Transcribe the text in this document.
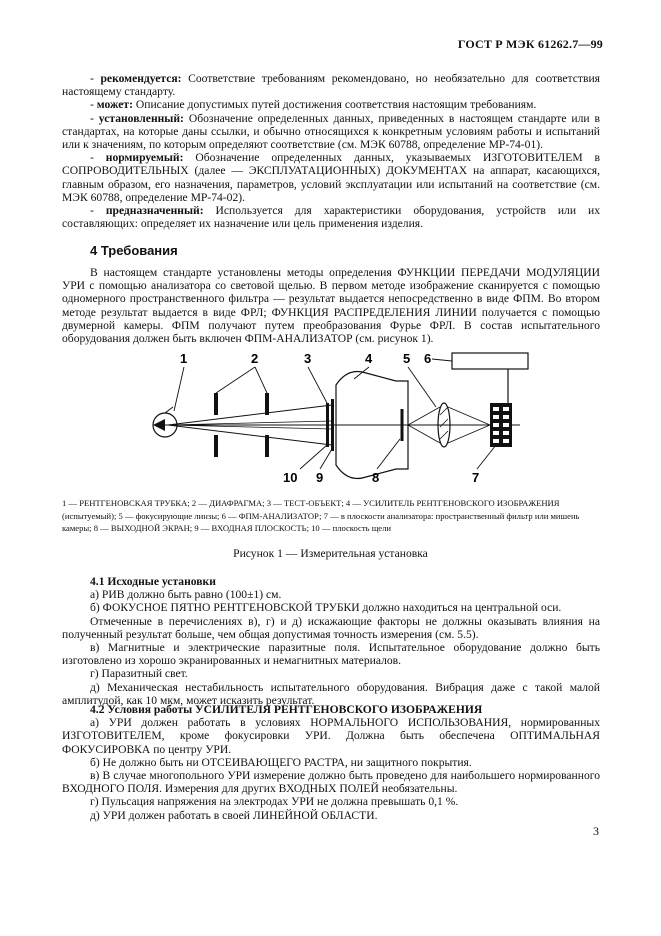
ГОСТ Р МЭК 61262.7—99

- рекомендуется: Соответствие требованиям рекомендовано, но необязательно для соответствия настоящему стандарту.

- может: Описание допустимых путей достижения соответствия настоящим требованиям.

- установленный: Обозначение определенных данных, приведенных в настоящем стандарте или в стандартах, на которые даны ссылки, и обычно относящихся к конкретным условиям работы и испытаний или к значениям, по которым определяют соответствие (см. МЭК 60788, определение МР-74-01).

- нормируемый: Обозначение определенных данных, указываемых ИЗГОТОВИТЕЛЕМ в СОПРОВОДИТЕЛЬНЫХ (далее — ЭКСПЛУАТАЦИОННЫХ) ДОКУМЕНТАХ на аппарат, касающихся, главным образом, его назначения, параметров, условий эксплуатации или испытаний на соответствие (см. МЭК 60788, определение МР-74-02).

- предназначенный: Используется для характеристики оборудования, устройств или их составляющих: определяет их назначение или цель применения изделия.

4 Требования

В настоящем стандарте установлены методы определения ФУНКЦИИ ПЕРЕДАЧИ МОДУЛЯЦИИ УРИ с помощью анализатора со световой щелью. В первом методе изображение сканируется с помощью одномерного пространственного фильтра — результат выдается непосредственно в виде ФПМ. Во втором методе результат выдается в виде ФРЛ; ФУНКЦИЯ РАСПРЕДЕЛЕНИЯ ЛИНИИ получается с помощью двумерной камеры. ФПМ получают путем преобразования Фурье ФРЛ. В состав испытательного оборудования должен быть включен ФПМ-АНАЛИЗАТОР (см. рисунок 1).

1	2	3	4 5 6
10 9	8	7
1 — РЕНТГЕНОВСКАЯ ТРУБКА; 2 — ДИАФРАГМА; 3 — ТЕСТ-ОБЪЕКТ; 4 — УСИЛИТЕЛЬ РЕНТГЕНОВСКОГО ИЗОБРАЖЕНИЯ (испытуемый); 5 — фокусирующие линзы; 6 — ФПМ-АНАЛИЗАТОР; 7 — в плоскости анализатора: пространственный фильтр или мишень камеры; 8 — ВЫХОДНОЙ ЭКРАН; 9 — ВХОДНАЯ ПЛОСКОСТЬ; 10 — плоскость щели
Рисунок 1 — Измерительная установка

4.1 Исходные установки

а) РИВ должно быть равно (100±1) см.

б) ФОКУСНОЕ ПЯТНО РЕНТГЕНОВСКОЙ ТРУБКИ должно находиться на центральной оси.

Отмеченные в перечислениях в), г) и д) искажающие факторы не должны оказывать влияния на полученный результат больше, чем общая допустимая точность измерения (см. 5.5).

в) Магнитные и электрические паразитные поля. Испытательное оборудование должно быть изготовлено из хорошо экранированных и немагнитных материалов.

г) Паразитный свет.

д) Механическая нестабильность испытательного оборудования. Вибрация даже с такой малой амплитудой, как 10 мкм, может исказить результат.

4.2 Условия работы УСИЛИТЕЛЯ РЕНТГЕНОВСКОГО ИЗОБРАЖЕНИЯ

а) УРИ должен работать в условиях НОРМАЛЬНОГО ИСПОЛЬЗОВАНИЯ, нормированных ИЗГОТОВИТЕЛЕМ, кроме фокусировки УРИ. Должна быть обеспечена ОПТИМАЛЬНАЯ ФОКУСИРОВКА по центру УРИ.

б) Не должно быть ни ОТСЕИВАЮЩЕГО РАСТРА, ни защитного покрытия.

в) В случае многопольного УРИ измерение должно быть проведено для наибольшего нормированного ВХОДНОГО ПОЛЯ. Измерения для других ВХОДНЫХ ПОЛЕЙ необязательны.

г) Пульсация напряжения на электродах УРИ не должна превышать 0,1 %.

д) УРИ должен работать в своей ЛИНЕЙНОЙ ОБЛАСТИ.

3
